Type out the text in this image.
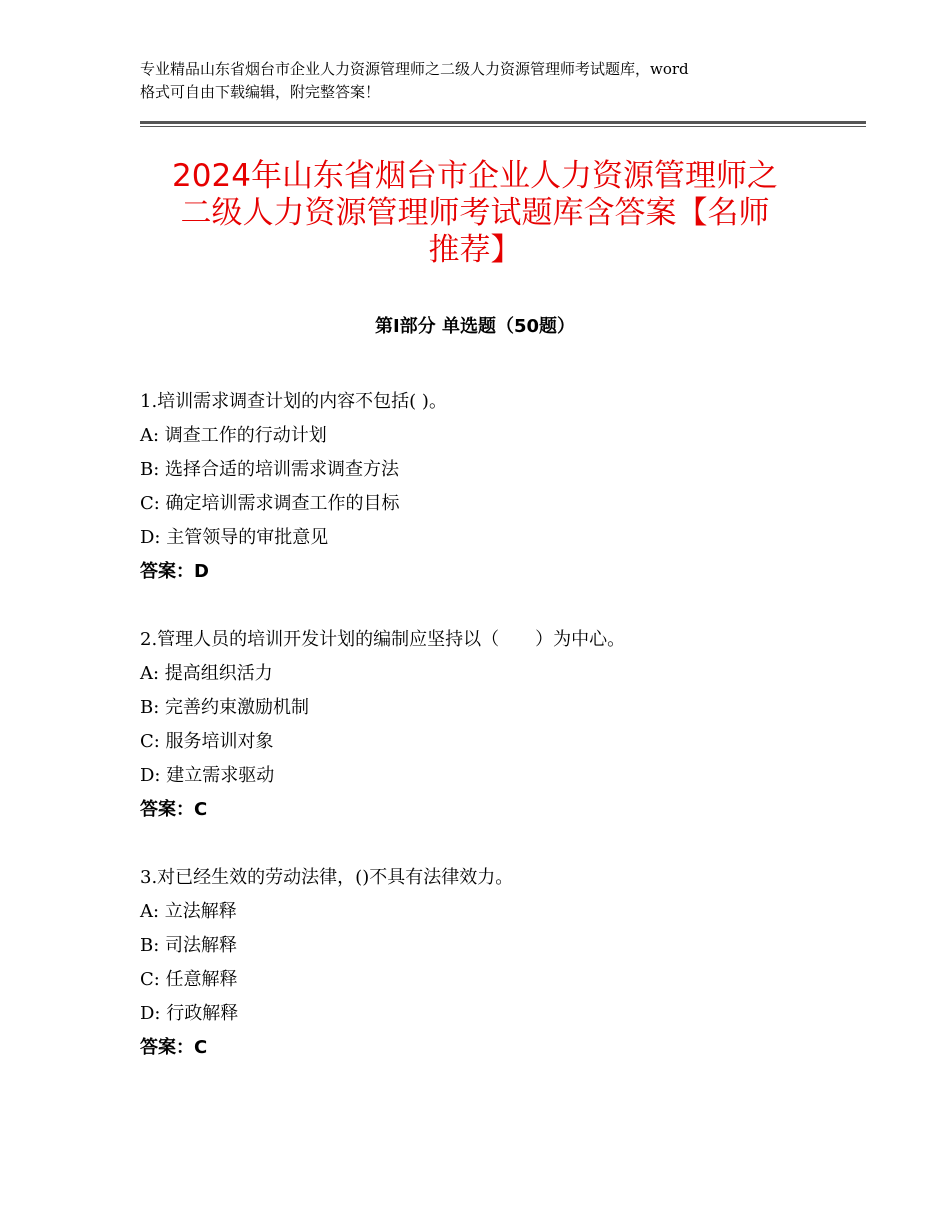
专业精品山东省烟台市企业人力资源管理师之二级人力资源管理师考试题库，word
格式可自由下载编辑，附完整答案！
2024年山东省烟台市企业人力资源管理师之
二级人力资源管理师考试题库含答案【名师
推荐】
第Ⅰ部分 单选题（50题）
1.培训需求调查计划的内容不包括( )。
A: 调查工作的行动计划
B: 选择合适的培训需求调查方法
C: 确定培训需求调查工作的目标
D: 主管领导的审批意见
答案：D
2.管理人员的培训开发计划的编制应坚持以（　　）为中心。
A: 提高组织活力
B: 完善约束激励机制
C: 服务培训对象
D: 建立需求驱动
答案：C
3.对已经生效的劳动法律，()不具有法律效力。
A: 立法解释
B: 司法解释
C: 任意解释
D: 行政解释
答案：C
